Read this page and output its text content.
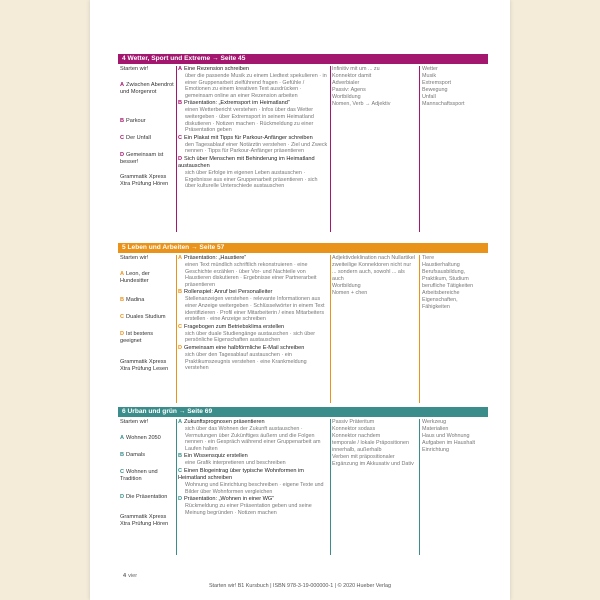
4 Wetter, Sport und Extreme → Seite 45
Starten wir!
A Zwischen Abendrot und Morgenrot
B Parkour
C Der Unfall
D Gemeinsam ist besser!
Grammatik Xpress Xtra Prüfung Hören
A Eine Rezension schreiben
über die passende Musik zu einem Liedtext spekulieren · in einer Gruppenarbeit zielführend fragen · Gefühle / Emotionen zu einem kreativen Text ausdrücken · gemeinsam online an einer Rezension arbeiten
B Präsentation: „Extremsport im Heimatland“
einen Wetterbericht verstehen · Infos über das Wetter weitergeben · über Extremsport in seinem Heimatland diskutieren · Notizen machen · Rückmeldung zu einer Präsentation geben
C Ein Plakat mit Tipps für Parkour-Anfänger schreiben
den Tagesablauf einer Notärztin verstehen · Ziel und Zweck nennen · Tipps für Parkour-Anfänger präsentieren
D Sich über Menschen mit Behinderung im Heimatland austauschen
sich über Erfolge im eigenen Leben austauschen · Ergebnisse aus einer Gruppenarbeit präsentieren · sich über kulturelle Unterschiede austauschen
Infinitiv mit um ... zu
Konnektor damit
Adverbialer
Passiv: Agens
Wortbildung
Nomen, Verb → Adjektiv
Wetter
Musik
Extremsport
Bewegung
Unfall
Mannschaftssport
5 Leben und Arbeiten → Seite 57
Starten wir!
A Leon, der Hundesitter
B Madina
C Duales Studium
D Ist bestens geeignet
Grammatik Xpress Xtra Prüfung Lesen
A Präsentation: „Haustiere“
einen Text mündlich schriftlich rekonstruieren · eine Geschichte erzählen · über Vor- und Nachteile von Haustieren diskutieren · Ergebnisse einer Partnerarbeit präsentieren
B Rollenspiel: Anruf bei Personalleiter
Stellenanzeigen verstehen · relevante Informationen aus einer Anzeige weitergeben · Schlüsselwörter in einem Text identifizieren · Profil einer Mitarbeiterin / eines Mitarbeiters erstellen · eine Anzeige schreiben
C Fragebogen zum Betriebsklima erstellen
sich über duale Studiengänge austauschen · sich über persönliche Eigenschaften austauschen
D Gemeinsam eine halbförmliche E-Mail schreiben
sich über den Tagesablauf austauschen · ein Praktikumszeugnis verstehen · eine Krankmeldung verstehen
Adjektivdeklination nach Nullartikel
zweiteilige Konnektoren nicht nur ... sondern auch, sowohl ... als auch
Wortbildung
Nomen + chen
Tiere
Haustierhaltung
Berufsausbildung, Praktikum, Studium
berufliche Tätigkeiten
Arbeitsbereiche
Eigenschaften, Fähigkeiten
6 Urban und grün → Seite 69
Starten wir!
A Wohnen 2050
B Damals
C Wohnen und Tradition
D Die Präsentation
Grammatik Xpress Xtra Prüfung Hören
A Zukunftsprognosen präsentieren
sich über das Wohnen der Zukunft austauschen · Vermutungen über Zukünftiges äußern und die Folgen nennen · ein Gespräch während einer Gruppenarbeit am Laufen halten
B Ein Wissensquiz erstellen
eine Grafik interpretieren und beschreiben
C Einen Blogeintrag über typische Wohnformen im Heimatland schreiben
Wohnung und Einrichtung beschreiben · eigene Texte und Bilder über Wohnformen vergleichen
D Präsentation: „Wohnen in einer WG“
Rückmeldung zu einer Präsentation geben und seine Meinung begründen · Notizen machen
Passiv Präteritum
Konnektor sodass
Konnektor nachdem
temporale / lokale Präpositionen innerhalb, außerhalb
Verben mit präpositionaler Ergänzung im Akkusativ und Dativ
Werkzeug
Materialien
Haus und Wohnung
Aufgaben im Haushalt
Einrichtung
4 vier
Starten wir! B1 Kursbuch | ISBN 978-3-19-000000-1 | © 2020 Hueber Verlag
